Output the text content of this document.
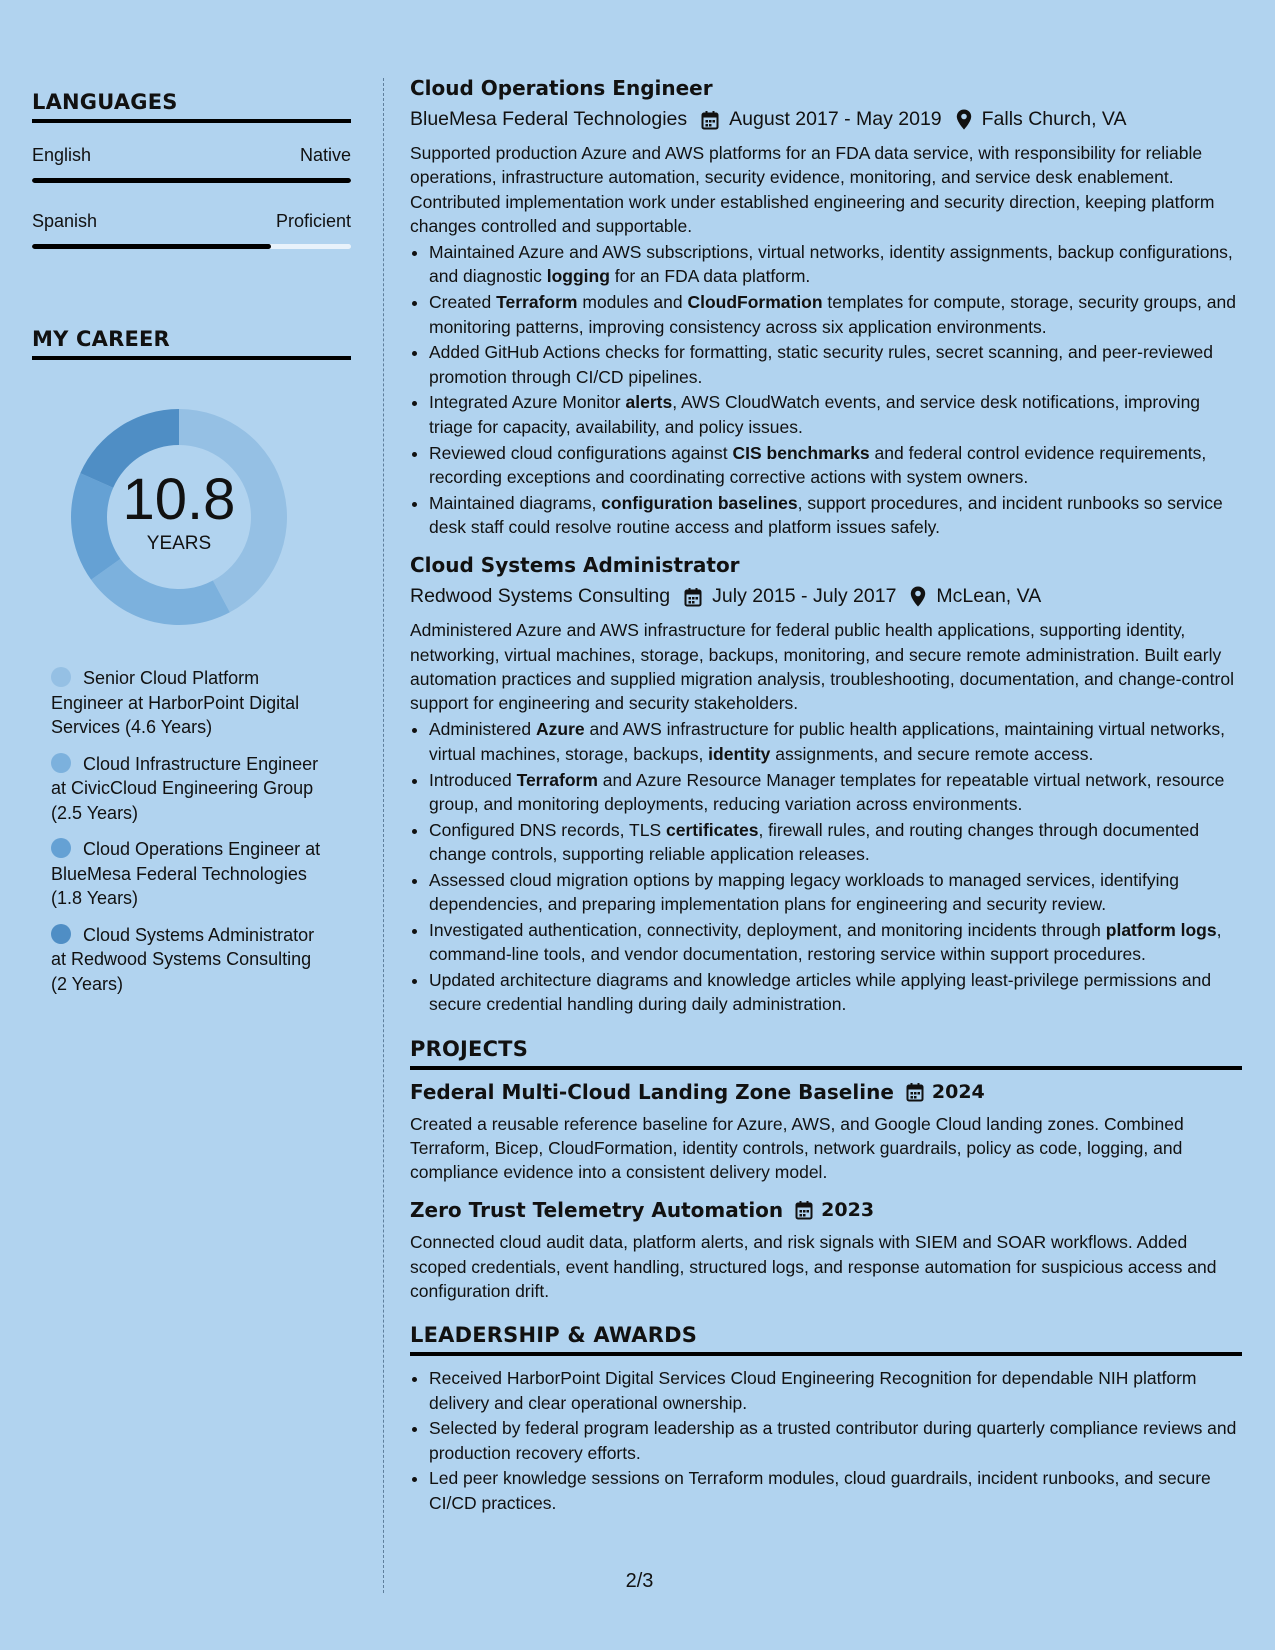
LANGUAGES
English	Native
Spanish	Proficient
MY CAREER
10.8
YEARS
Senior Cloud Platform Engineer at HarborPoint Digital Services (4.6 Years)
Cloud Infrastructure Engineer at CivicCloud Engineering Group (2.5 Years)
Cloud Operations Engineer at BlueMesa Federal Technologies (1.8 Years)
Cloud Systems Administrator at Redwood Systems Consulting (2 Years)
Cloud Operations Engineer
BlueMesa Federal Technologies August 2017 - May 2019 Falls Church, VA

Supported production Azure and AWS platforms for an FDA data service, with responsibility for reliable operations, infrastructure automation, security evidence, monitoring, and service desk enablement. Contributed implementation work under established engineering and security direction, keeping platform changes controlled and supportable.

• Maintained Azure and AWS subscriptions, virtual networks, identity assignments, backup configurations, and diagnostic logging for an FDA data platform.
• Created Terraform modules and CloudFormation templates for compute, storage, security groups, and monitoring patterns, improving consistency across six application environments.
• Added GitHub Actions checks for formatting, static security rules, secret scanning, and peer-reviewed promotion through CI/CD pipelines.
• Integrated Azure Monitor alerts, AWS CloudWatch events, and service desk notifications, improving triage for capacity, availability, and policy issues.
• Reviewed cloud configurations against CIS benchmarks and federal control evidence requirements, recording exceptions and coordinating corrective actions with system owners.
• Maintained diagrams, configuration baselines, support procedures, and incident runbooks so service desk staff could resolve routine access and platform issues safely.
Cloud Systems Administrator
Redwood Systems Consulting July 2015 - July 2017 McLean, VA

Administered Azure and AWS infrastructure for federal public health applications, supporting identity, networking, virtual machines, storage, backups, monitoring, and secure remote administration. Built early automation practices and supplied migration analysis, troubleshooting, documentation, and change-control support for engineering and security stakeholders.

• Administered Azure and AWS infrastructure for public health applications, maintaining virtual networks, virtual machines, storage, backups, identity assignments, and secure remote access.
• Introduced Terraform and Azure Resource Manager templates for repeatable virtual network, resource group, and monitoring deployments, reducing variation across environments.
• Configured DNS records, TLS certificates, firewall rules, and routing changes through documented change controls, supporting reliable application releases.
• Assessed cloud migration options by mapping legacy workloads to managed services, identifying dependencies, and preparing implementation plans for engineering and security review.
• Investigated authentication, connectivity, deployment, and monitoring incidents through platform logs, command-line tools, and vendor documentation, restoring service within support procedures.
• Updated architecture diagrams and knowledge articles while applying least-privilege permissions and secure credential handling during daily administration.
PROJECTS
Federal Multi-Cloud Landing Zone Baseline 2024

Created a reusable reference baseline for Azure, AWS, and Google Cloud landing zones. Combined Terraform, Bicep, CloudFormation, identity controls, network guardrails, policy as code, logging, and compliance evidence into a consistent delivery model.

Zero Trust Telemetry Automation 2023

Connected cloud audit data, platform alerts, and risk signals with SIEM and SOAR workflows. Added scoped credentials, event handling, structured logs, and response automation for suspicious access and configuration drift.

LEADERSHIP & AWARDS
• Received HarborPoint Digital Services Cloud Engineering Recognition for dependable NIH platform delivery and clear operational ownership.
• Selected by federal program leadership as a trusted contributor during quarterly compliance reviews and production recovery efforts.
• Led peer knowledge sessions on Terraform modules, cloud guardrails, incident runbooks, and secure CI/CD practices.
2/3
